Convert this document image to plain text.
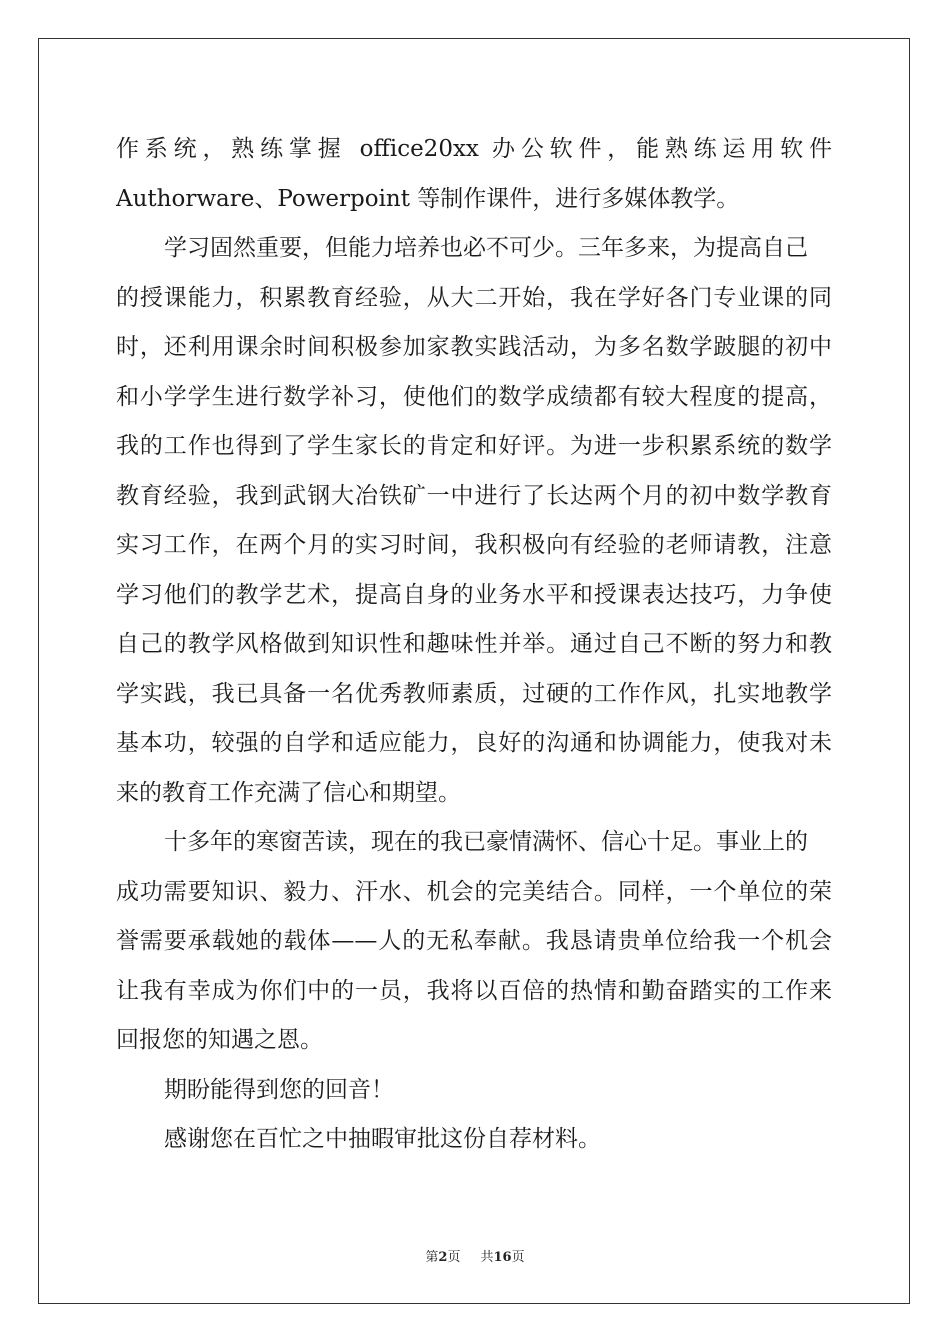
作系统，熟练掌握 office20xx 办公软件，能熟练运用软件
Authorware、Powerpoint 等制作课件，进行多媒体教学。
学习固然重要，但能力培养也必不可少。三年多来，为提高自己
的授课能力，积累教育经验，从大二开始，我在学好各门专业课的同
时，还利用课余时间积极参加家教实践活动，为多名数学跛腿的初中
和小学学生进行数学补习，使他们的数学成绩都有较大程度的提高，
我的工作也得到了学生家长的肯定和好评。为进一步积累系统的数学
教育经验，我到武钢大冶铁矿一中进行了长达两个月的初中数学教育
实习工作，在两个月的实习时间，我积极向有经验的老师请教，注意
学习他们的教学艺术，提高自身的业务水平和授课表达技巧，力争使
自己的教学风格做到知识性和趣味性并举。通过自己不断的努力和教
学实践，我已具备一名优秀教师素质，过硬的工作作风，扎实地教学
基本功，较强的自学和适应能力，良好的沟通和协调能力，使我对未
来的教育工作充满了信心和期望。
十多年的寒窗苦读，现在的我已豪情满怀、信心十足。事业上的
成功需要知识、毅力、汗水、机会的完美结合。同样，一个单位的荣
誉需要承载她的载体——人的无私奉献。我恳请贵单位给我一个机会
让我有幸成为你们中的一员，我将以百倍的热情和勤奋踏实的工作来
回报您的知遇之恩。
期盼能得到您的回音！
感谢您在百忙之中抽暇审批这份自荐材料。
第2页 共16页
